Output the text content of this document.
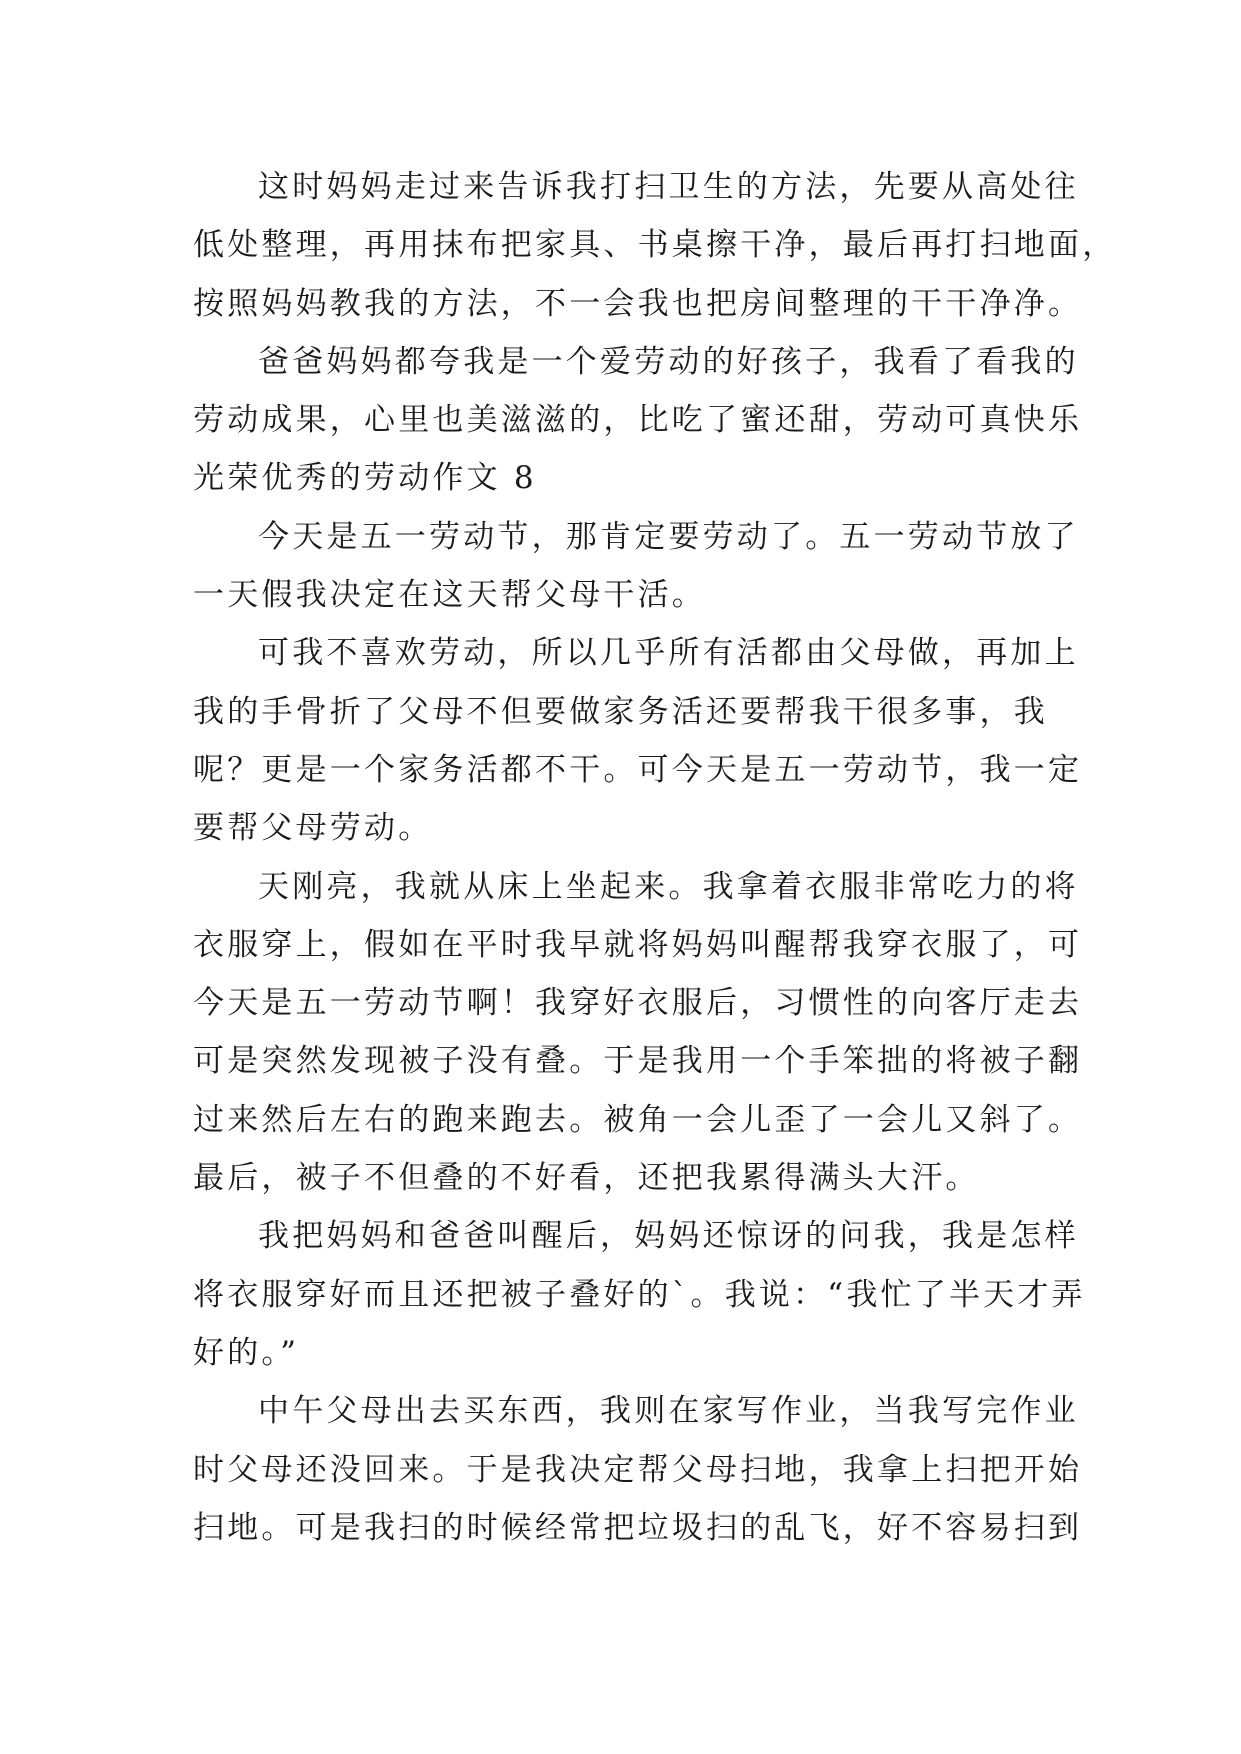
这时妈妈走过来告诉我打扫卫生的方法，先要从高处往
低处整理，再用抹布把家具、书桌擦干净，最后再打扫地面，
按照妈妈教我的方法，不一会我也把房间整理的干干净净。
爸爸妈妈都夸我是一个爱劳动的好孩子，我看了看我的
劳动成果，心里也美滋滋的，比吃了蜜还甜，劳动可真快乐
光荣优秀的劳动作文 8
今天是五一劳动节，那肯定要劳动了。五一劳动节放了
一天假我决定在这天帮父母干活。
可我不喜欢劳动，所以几乎所有活都由父母做，再加上
我的手骨折了父母不但要做家务活还要帮我干很多事，我
呢？更是一个家务活都不干。可今天是五一劳动节，我一定
要帮父母劳动。
天刚亮，我就从床上坐起来。我拿着衣服非常吃力的将
衣服穿上，假如在平时我早就将妈妈叫醒帮我穿衣服了，可
今天是五一劳动节啊！我穿好衣服后，习惯性的向客厅走去
可是突然发现被子没有叠。于是我用一个手笨拙的将被子翻
过来然后左右的跑来跑去。被角一会儿歪了一会儿又斜了。
最后，被子不但叠的不好看，还把我累得满头大汗。
我把妈妈和爸爸叫醒后，妈妈还惊讶的问我，我是怎样
将衣服穿好而且还把被子叠好的`。我说：“我忙了半天才弄
好的。”
中午父母出去买东西，我则在家写作业，当我写完作业
时父母还没回来。于是我决定帮父母扫地，我拿上扫把开始
扫地。可是我扫的时候经常把垃圾扫的乱飞，好不容易扫到
